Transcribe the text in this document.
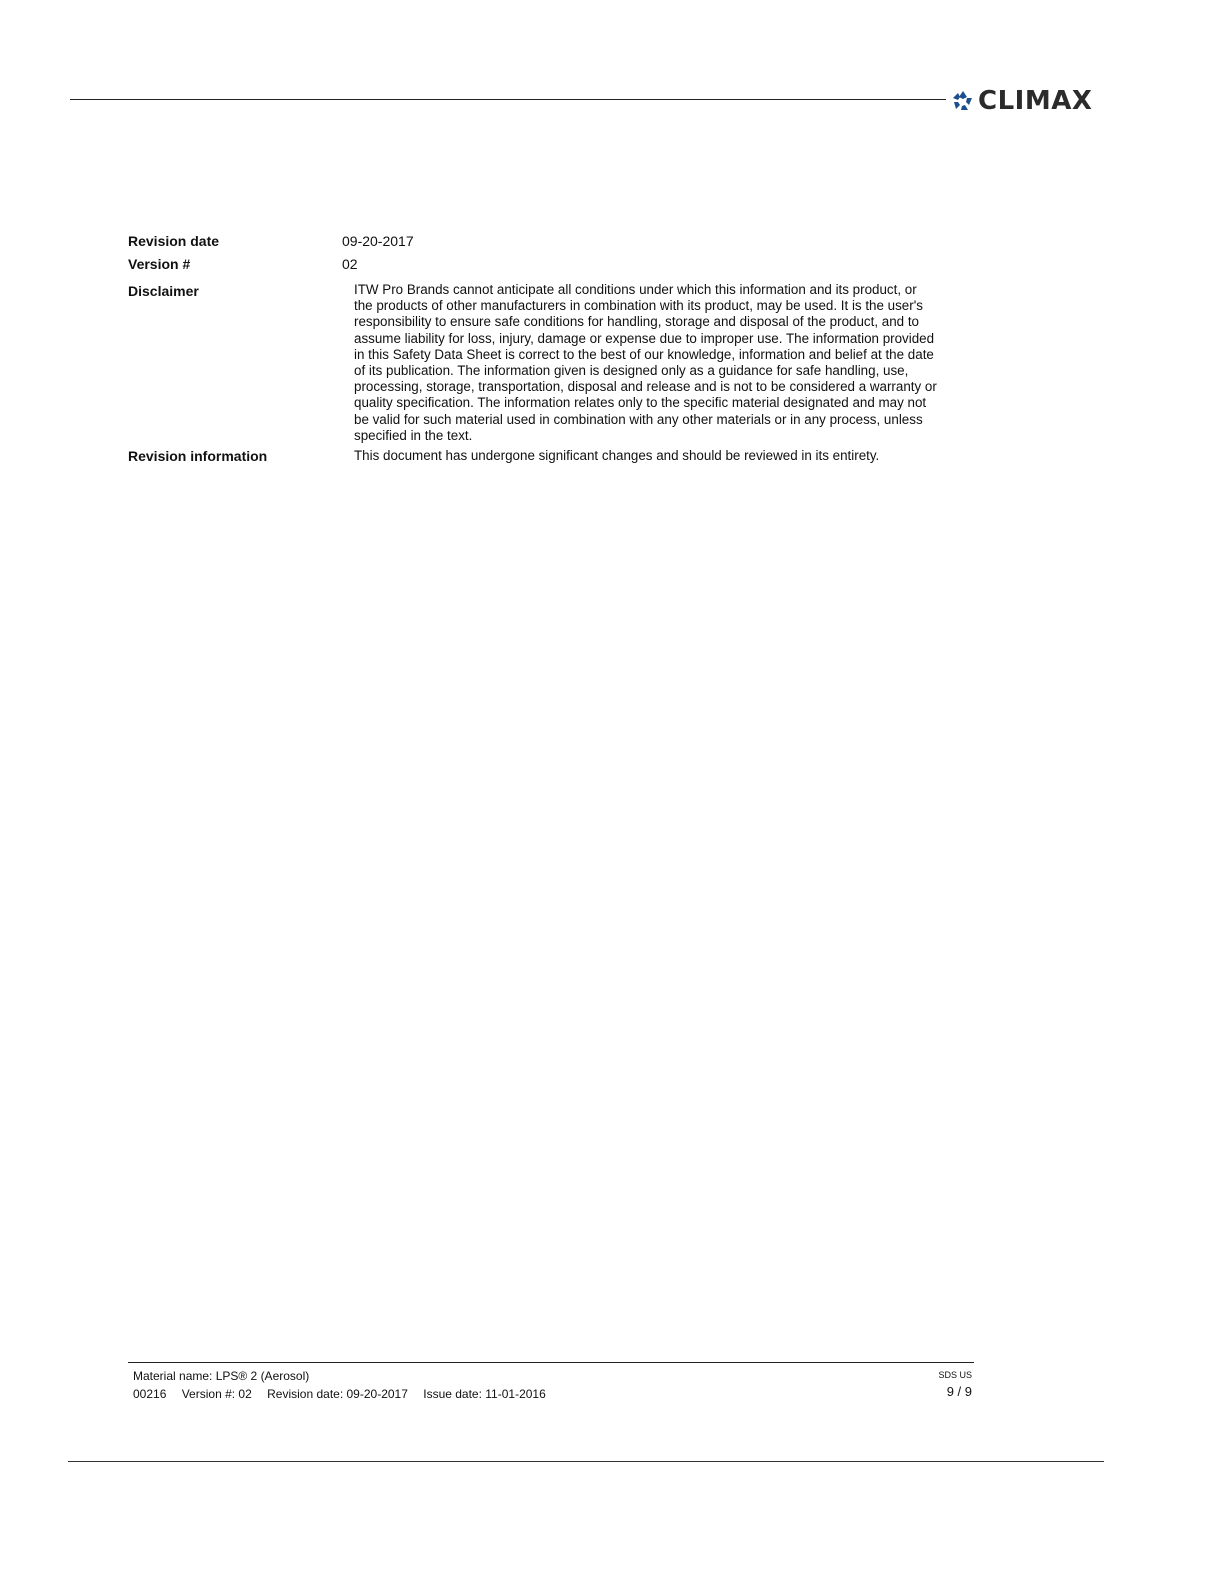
CLIMAX
Revision date	09-20-2017
Version #	02
Disclaimer	ITW Pro Brands cannot anticipate all conditions under which this information and its product, or
the products of other manufacturers in combination with its product, may be used. It is the user's
responsibility to ensure safe conditions for handling, storage and disposal of the product, and to
assume liability for loss, injury, damage or expense due to improper use. The information provided
in this Safety Data Sheet is correct to the best of our knowledge, information and belief at the date
of its publication. The information given is designed only as a guidance for safe handling, use,
processing, storage, transportation, disposal and release and is not to be considered a warranty or
quality specification. The information relates only to the specific material designated and may not
be valid for such material used in combination with any other materials or in any process, unless
specified in the text.
Revision information	This document has undergone significant changes and should be reviewed in its entirety.
Material name: LPS® 2 (Aerosol)
00216 Version #: 02 Revision date: 09-20-2017 Issue date: 11-01-2016
SDS US
9 / 9
